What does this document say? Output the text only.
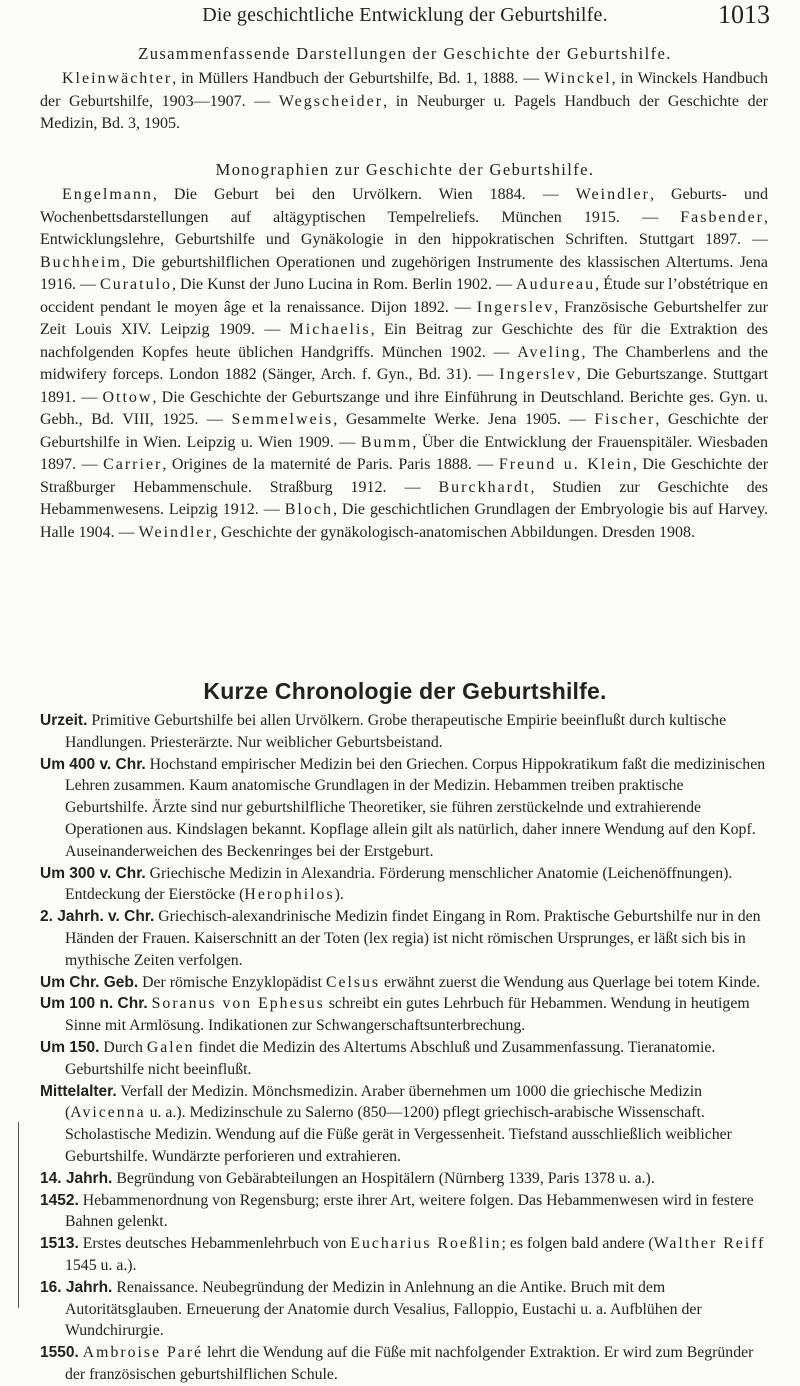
Die geschichtliche Entwicklung der Geburtshilfe.	1013
Zusammenfassende Darstellungen der Geschichte der Geburtshilfe.

Kleinwächter, in Müllers Handbuch der Geburtshilfe, Bd. 1, 1888. — Winckel, in Winckels Handbuch der Geburtshilfe, 1903—1907. — Wegscheider, in Neuburger u. Pagels Handbuch der Geschichte der Medizin, Bd. 3, 1905.

Monographien zur Geschichte der Geburtshilfe.

Engelmann, Die Geburt bei den Urvölkern. Wien 1884. — Weindler, Geburts- und Wochenbettsdarstellungen auf altägyptischen Tempelreliefs. München 1915. — Fasbender, Entwicklungslehre, Geburtshilfe und Gynäkologie in den hippokratischen Schriften. Stuttgart 1897. — Buchheim, Die geburtshilflichen Operationen und zugehörigen Instrumente des klassischen Altertums. Jena 1916. — Curatulo, Die Kunst der Juno Lucina in Rom. Berlin 1902. — Audureau, Étude sur l’obstétrique en occident pendant le moyen âge et la renaissance. Dijon 1892. — Ingerslev, Französische Geburtshelfer zur Zeit Louis XIV. Leipzig 1909. — Michaelis, Ein Beitrag zur Geschichte des für die Extraktion des nachfolgenden Kopfes heute üblichen Handgriffs. München 1902. — Aveling, The Chamberlens and the midwifery forceps. London 1882 (Sänger, Arch. f. Gyn., Bd. 31). — Ingerslev, Die Geburtszange. Stuttgart 1891. — Ottow, Die Geschichte der Geburtszange und ihre Einführung in Deutschland. Berichte ges. Gyn. u. Gebh., Bd. VIII, 1925. — Semmelweis, Gesammelte Werke. Jena 1905. — Fischer, Geschichte der Geburtshilfe in Wien. Leipzig u. Wien 1909. — Bumm, Über die Entwicklung der Frauenspitäler. Wiesbaden 1897. — Carrier, Origines de la maternité de Paris. Paris 1888. — Freund u. Klein, Die Geschichte der Straßburger Hebammenschule. Straßburg 1912. — Burckhardt, Studien zur Geschichte des Hebammenwesens. Leipzig 1912. — Bloch, Die geschichtlichen Grundlagen der Embryologie bis auf Harvey. Halle 1904. — Weindler, Geschichte der gynäkologisch-anatomischen Abbildungen. Dresden 1908.

Kurze Chronologie der Geburtshilfe.

Urzeit. Primitive Geburtshilfe bei allen Urvölkern. Grobe therapeutische Empirie beeinflußt durch kultische Handlungen. Priesterärzte. Nur weiblicher Geburtsbeistand.

Um 400 v. Chr. Hochstand empirischer Medizin bei den Griechen. Corpus Hippokratikum faßt die medizinischen Lehren zusammen. Kaum anatomische Grundlagen in der Medizin. Hebammen treiben praktische Geburtshilfe. Ärzte sind nur geburtshilfliche Theoretiker, sie führen zerstückelnde und extrahierende Operationen aus. Kindslagen bekannt. Kopflage allein gilt als natürlich, daher innere Wendung auf den Kopf. Auseinanderweichen des Beckenringes bei der Erstgeburt.

Um 300 v. Chr. Griechische Medizin in Alexandria. Förderung menschlicher Anatomie (Leichenöffnungen). Entdeckung der Eierstöcke (Herophilos).

2. Jahrh. v. Chr. Griechisch-alexandrinische Medizin findet Eingang in Rom. Praktische Geburtshilfe nur in den Händen der Frauen. Kaiserschnitt an der Toten (lex regia) ist nicht römischen Ursprunges, er läßt sich bis in mythische Zeiten verfolgen.

Um Chr. Geb. Der römische Enzyklopädist Celsus erwähnt zuerst die Wendung aus Querlage bei totem Kinde.

Um 100 n. Chr. Soranus von Ephesus schreibt ein gutes Lehrbuch für Hebammen. Wendung in heutigem Sinne mit Armlösung. Indikationen zur Schwangerschaftsunterbrechung.

Um 150. Durch Galen findet die Medizin des Altertums Abschluß und Zusammenfassung. Tieranatomie. Geburtshilfe nicht beeinflußt.

Mittelalter. Verfall der Medizin. Mönchsmedizin. Araber übernehmen um 1000 die griechische Medizin (Avicenna u. a.). Medizinschule zu Salerno (850—1200) pflegt griechisch-arabische Wissenschaft. Scholastische Medizin. Wendung auf die Füße gerät in Vergessenheit. Tiefstand ausschließlich weiblicher Geburtshilfe. Wundärzte perforieren und extrahieren.

14. Jahrh. Begründung von Gebärabteilungen an Hospitälern (Nürnberg 1339, Paris 1378 u. a.).

1452. Hebammenordnung von Regensburg; erste ihrer Art, weitere folgen. Das Hebammenwesen wird in festere Bahnen gelenkt.

1513. Erstes deutsches Hebammenlehrbuch von Eucharius Roeßlin; es folgen bald andere (Walther Reiff 1545 u. a.).

16. Jahrh. Renaissance. Neubegründung der Medizin in Anlehnung an die Antike. Bruch mit dem Autoritätsglauben. Erneuerung der Anatomie durch Vesalius, Falloppio, Eustachi u. a. Aufblühen der Wundchirurgie.

1550. Ambroise Paré lehrt die Wendung auf die Füße mit nachfolgender Extraktion. Er wird zum Begründer der französischen geburtshilflichen Schule.
